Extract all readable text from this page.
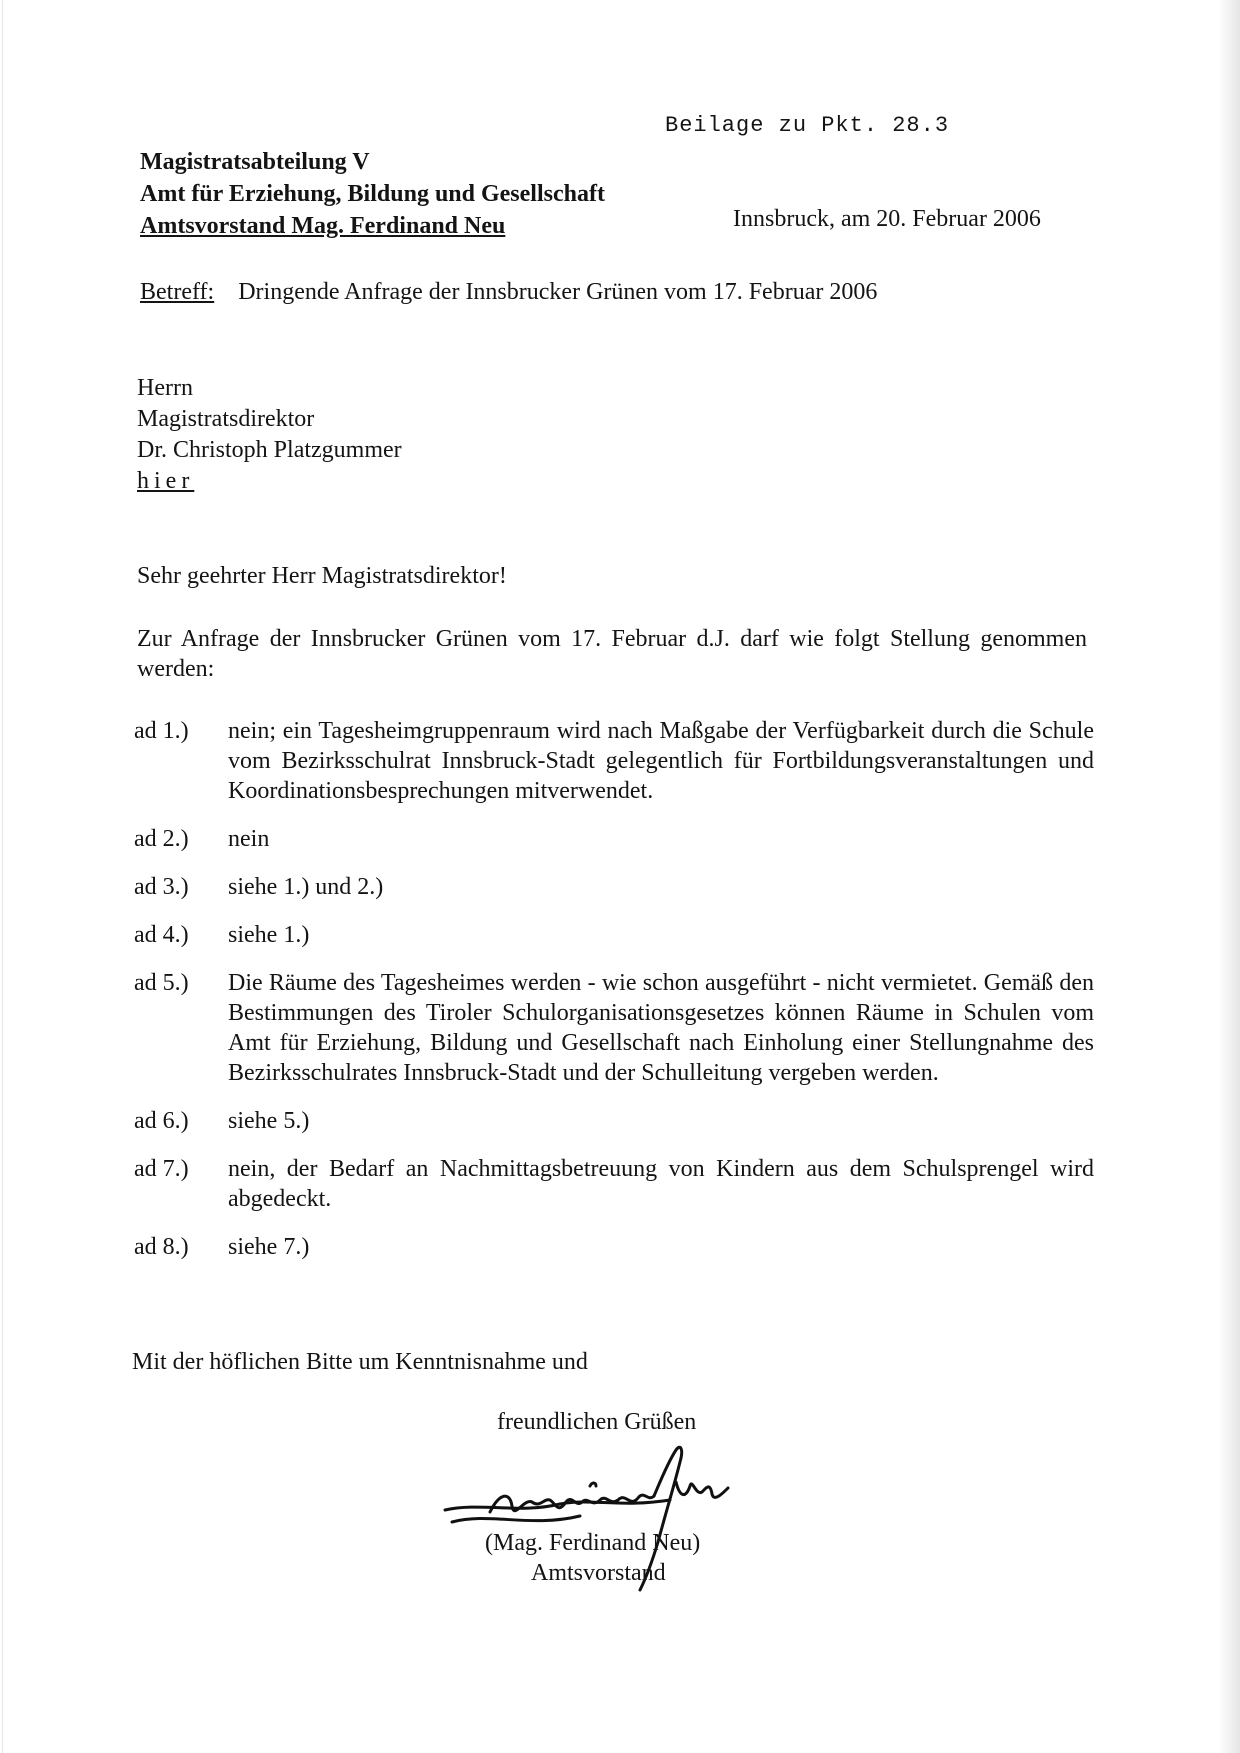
Beilage zu Pkt. 28.3
Magistratsabteilung V
Amt für Erziehung, Bildung und Gesellschaft
Amtsvorstand Mag. Ferdinand Neu	Innsbruck, am 20. Februar 2006
Betreff: Dringende Anfrage der Innsbrucker Grünen vom 17. Februar 2006
Herrn
Magistratsdirektor
Dr. Christoph Platzgummer
hier
Sehr geehrter Herr Magistratsdirektor!
Zur Anfrage der Innsbrucker Grünen vom 17. Februar d.J. darf wie folgt Stellung genommen werden:
ad 1.)	nein; ein Tagesheimgruppenraum wird nach Maßgabe der Verfügbarkeit durch die Schule vom Bezirksschulrat Innsbruck-Stadt gelegentlich für Fortbildungsveranstaltungen und Koordinationsbesprechungen mitverwendet.
ad 2.)	nein
ad 3.)	siehe 1.) und 2.)
ad 4.)	siehe 1.)
ad 5.)	Die Räume des Tagesheimes werden - wie schon ausgeführt - nicht vermietet. Gemäß den Bestimmungen des Tiroler Schulorganisationsgesetzes können Räume in Schulen vom Amt für Erziehung, Bildung und Gesellschaft nach Einholung einer Stellungnahme des Bezirksschulrates Innsbruck-Stadt und der Schulleitung vergeben werden.
ad 6.)	siehe 5.)
ad 7.)	nein, der Bedarf an Nachmittagsbetreuung von Kindern aus dem Schulsprengel wird abgedeckt.
ad 8.)	siehe 7.)
Mit der höflichen Bitte um Kenntnisnahme und
freundlichen Grüßen
(Mag. Ferdinand Neu)
Amtsvorstand
